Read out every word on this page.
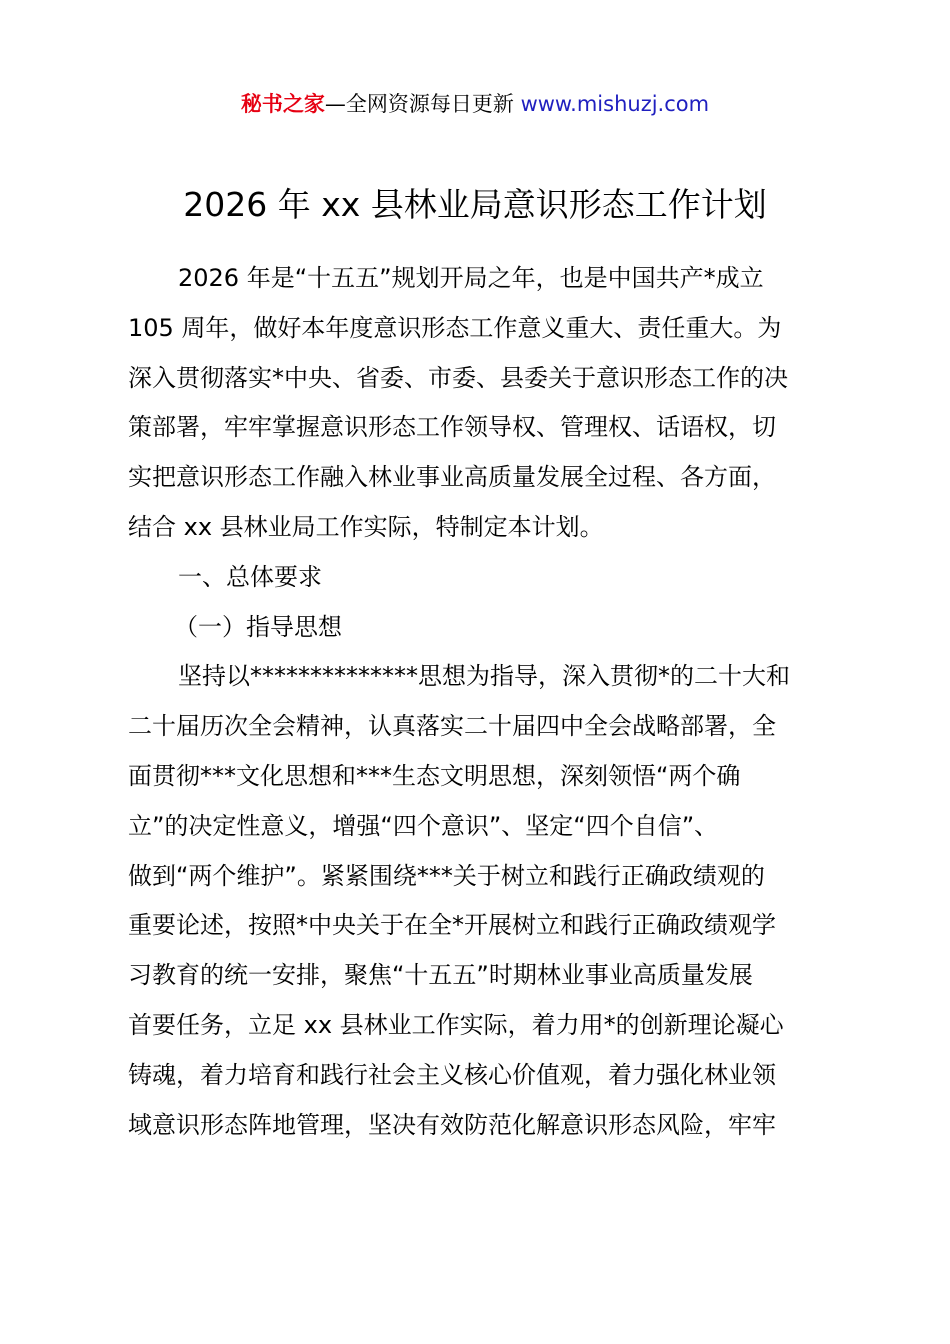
秘书之家—全网资源每日更新 www.mishuzj.com
2026 年 xx 县林业局意识形态工作计划
2026 年是“十五五”规划开局之年，也是中国共产*成立
105 周年，做好本年度意识形态工作意义重大、责任重大。为
深入贯彻落实*中央、省委、市委、县委关于意识形态工作的决
策部署，牢牢掌握意识形态工作领导权、管理权、话语权，切
实把意识形态工作融入林业事业高质量发展全过程、各方面，
结合 xx 县林业局工作实际，特制定本计划。
一、总体要求
（一）指导思想
坚持以**************思想为指导，深入贯彻*的二十大和
二十届历次全会精神，认真落实二十届四中全会战略部署，全
面贯彻***文化思想和***生态文明思想，深刻领悟“两个确
立”的决定性意义，增强“四个意识”、坚定“四个自信”、
做到“两个维护”。紧紧围绕***关于树立和践行正确政绩观的
重要论述，按照*中央关于在全*开展树立和践行正确政绩观学
习教育的统一安排，聚焦“十五五”时期林业事业高质量发展
首要任务，立足 xx 县林业工作实际，着力用*的创新理论凝心
铸魂，着力培育和践行社会主义核心价值观，着力强化林业领
域意识形态阵地管理，坚决有效防范化解意识形态风险，牢牢
